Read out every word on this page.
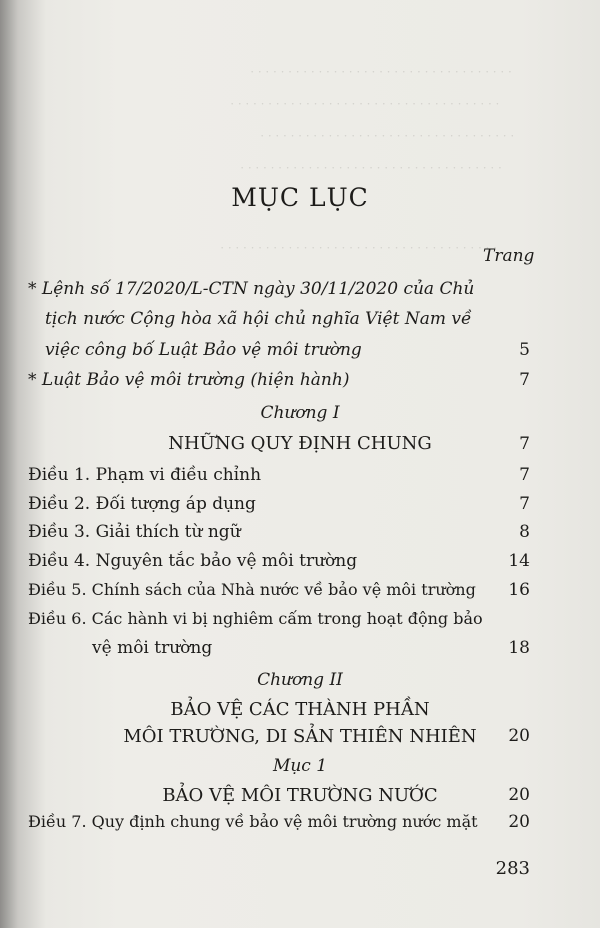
· · · · · · · · · · · · · · · · · · · · · · · · · · · · · · · · · · ·
· · · · · · · · · · · · · · · · · · · · · · · · · · · · · · · · · · · ·
· · · · · · · · · · · · · · · · · · · · · · · · · · · · · · · · · ·
· · · · · · · · · · · · · · · · · · · · · · · · · · · · · · · · · · ·
· · · · · · · · · · · · · · · · · · · · · · · · · · · · · · · · · · · · ·
MỤC LỤC
Trang
* Lệnh số 17/2020/L-CTN ngày 30/11/2020 của Chủ
tịch nước Cộng hòa xã hội chủ nghĩa Việt Nam về
việc công bố Luật Bảo vệ môi trường	5
* Luật Bảo vệ môi trường (hiện hành)	7
Chương I
NHỮNG QUY ĐỊNH CHUNG	7
Điều 1. Phạm vi điều chỉnh	7
Điều 2. Đối tượng áp dụng	7
Điều 3. Giải thích từ ngữ	8
Điều 4. Nguyên tắc bảo vệ môi trường	14
Điều 5. Chính sách của Nhà nước về bảo vệ môi trường	16
Điều 6. Các hành vi bị nghiêm cấm trong hoạt động bảo
vệ môi trường	18
Chương II
BẢO VỆ CÁC THÀNH PHẦN
MÔI TRƯỜNG, DI SẢN THIÊN NHIÊN	20
Mục 1
BẢO VỆ MÔI TRƯỜNG NƯỚC	20
Điều 7. Quy định chung về bảo vệ môi trường nước mặt	20
283
